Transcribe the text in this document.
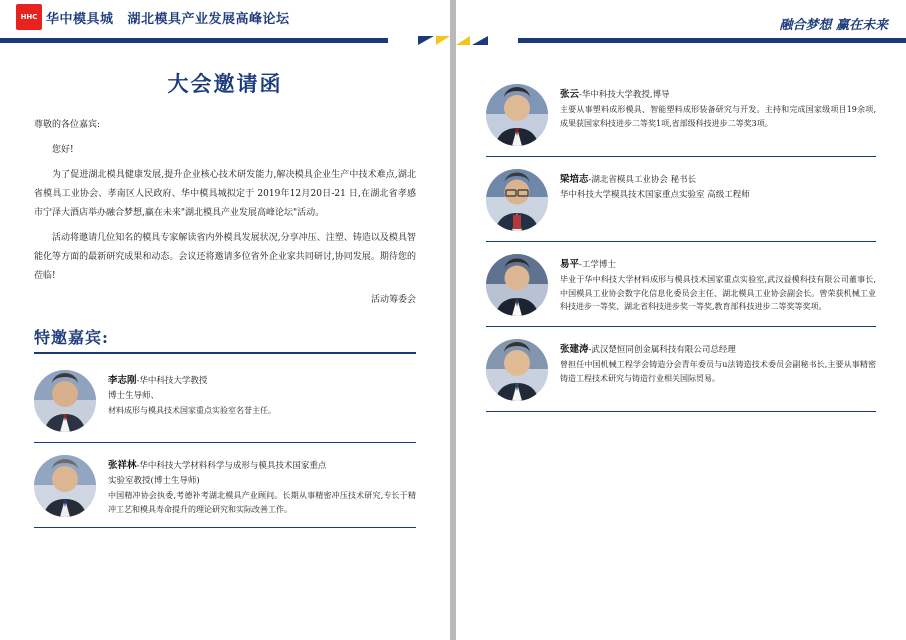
HHC 华中模具城 湖北模具产业发展高峰论坛
大会邀请函

尊敬的各位嘉宾:

您好!

为了促进湖北模具健康发展,提升企业核心技术研发能力,解决模具企业生产中技术难点,湖北省模具工业协会、孝南区人民政府、华中模具城拟定于 2019年12月20日-21 日,在湖北省孝感市宁泽大酒店举办融合梦想,赢在未来"湖北模具产业发展高峰论坛"活动。

活动将邀请几位知名的模具专家解读省内外模具发展状况,分享冲压、注塑、铸造以及模具智能化等方面的最新研究成果和动态。会议还将邀请多位省外企业家共同研讨,协同发展。期待您的莅临!

活动筹委会
特邀嘉宾:
李志刚-华中科技大学教授
博士生导师、
材料成形与模具技术国家重点实验室名誉主任。
张祥林-华中科技大学材料科学与成形与模具技术国家重点
实验室教授(博士生导师)
中国精冲协会执委,考德补考湖北模具产业顾问。长期从事精密冲压技术研究,专长于精冲工艺和模具寿命提升的理论研究和实际改善工作。
融合梦想 赢在未来
张云-华中科技大学教授,博导
主要从事塑料成形模具、智能塑料成形装备研究与开发。主持和完成国家级项目19余项,成果获国家科技进步二等奖1项,省部级科技进步二等奖3项。
梁培志-湖北省模具工业协会 秘书长
华中科技大学模具技术国家重点实验室 高级工程师
易平-工学博士
毕业于华中科技大学材料成形与模具技术国家重点实验室,武汉益模科技有限公司董事长,中国模具工业协会数字化信息化委员会主任、湖北模具工业协会副会长。曾荣获机械工业科技进步一等奖、湖北省科技进步奖一等奖,教育部科技进步二等奖等奖项。
张建涛-武汉楚恒同创金属科技有限公司总经理
曾担任中国机械工程学会铸造分会青年委员与u法铸造技术委员会副秘书长,主要从事精密铸造工程技术研究与铸造行业相关国际贸易。
